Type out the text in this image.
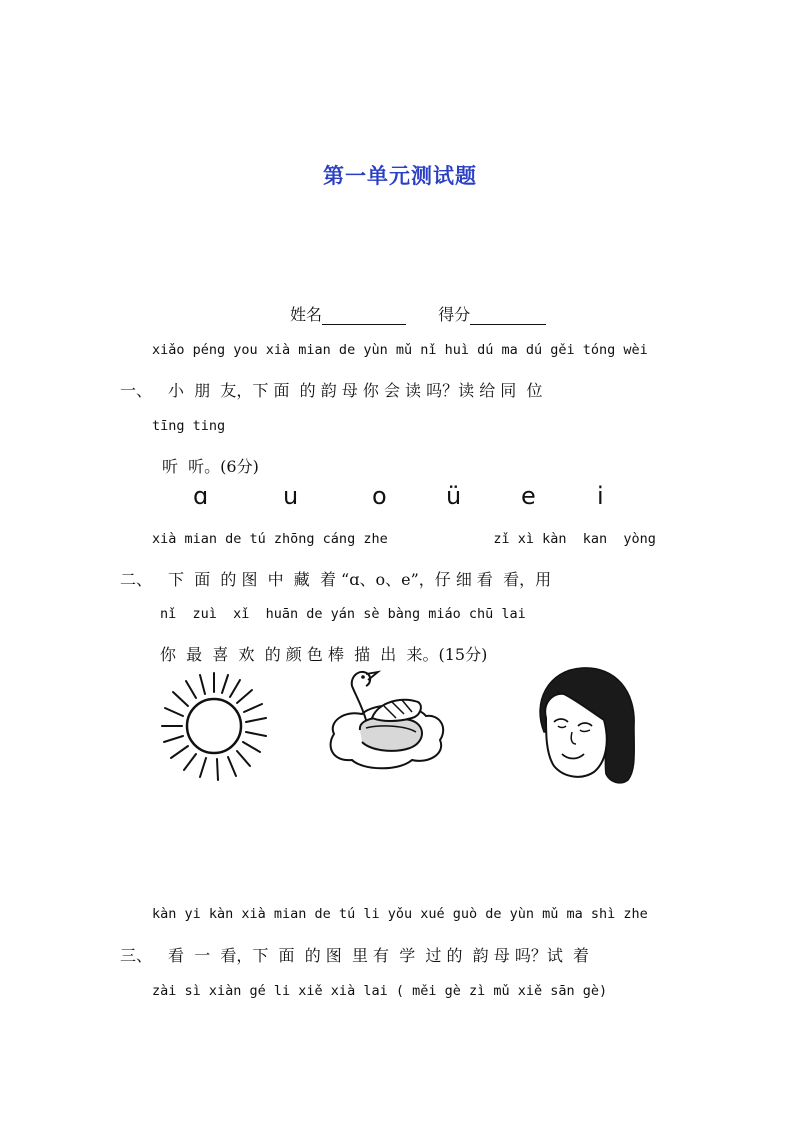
第一单元测试题
姓名	得分
xiǎo péng you xià mian de yùn mǔ nǐ huì dú ma dú gěi tóng wèi
一、 小  朋  友，下 面  的 韵 母 你 会 读 吗？读 给 同  位
tīng ting
听  听。(6分)
ɑ	u	o ü e	i
xià mian de tú zhōng cáng zhe             zǐ xì kàn  kan  yòng
二、 下  面  的 图  中  藏  着 “ɑ、o、e”，仔 细 看  看，用
nǐ  zuì  xǐ  huān de yán sè bàng miáo chū lai
你  最  喜  欢  的 颜 色 棒  描  出  来。(15分)
kàn yi kàn xià mian de tú li yǒu xué guò de yùn mǔ ma shì zhe
三、 看  一  看，下  面  的 图  里 有  学  过 的  韵 母 吗？试  着
zài sì xiàn gé li xiě xià lai ( měi gè zì mǔ xiě sān gè)
